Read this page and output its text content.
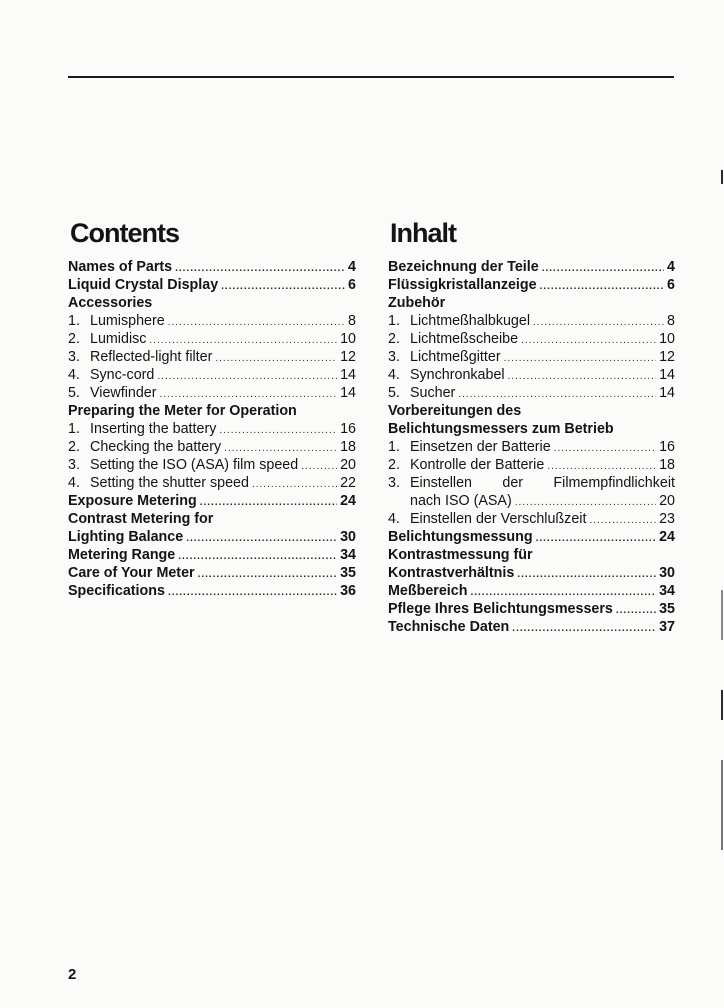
Contents
Names of Parts .....	4
Liquid Crystal Display .....	6
Accessories
1. Lumisphere .....	8
2. Lumidisc .....	10
3. Reflected-light filter .....	12
4. Sync-cord .....	14
5. Viewfinder .....	14
Preparing the Meter for Operation
1. Inserting the battery .....	16
2. Checking the battery .....	18
3. Setting the ISO (ASA) film speed .....	20
4. Setting the shutter speed .....	22
Exposure Metering .....	24
Contrast Metering for
Lighting Balance .....	30
Metering Range .....	34
Care of Your Meter .....	35
Specifications .....	36
Inhalt
Bezeichnung der Teile .....	4
Flüssigkristallanzeige .....	6
Zubehör
1. Lichtmeßhalbkugel .....	8
2. Lichtmeßscheibe .....	10
3. Lichtmeßgitter .....	12
4. Synchronkabel .....	14
5. Sucher .....	14
Vorbereitungen des
Belichtungsmessers zum Betrieb
1. Einsetzen der Batterie .....	16
2. Kontrolle der Batterie .....	18
3. Einstellen der Filmempfindlichkeit
nach ISO (ASA) .....	20
4. Einstellen der Verschlußzeit .....	23
Belichtungsmessung .....	24
Kontrastmessung für
Kontrastverhältnis .....	30
Meßbereich .....	34
Pflege Ihres Belichtungsmessers .....	35
Technische Daten .....	37
2
